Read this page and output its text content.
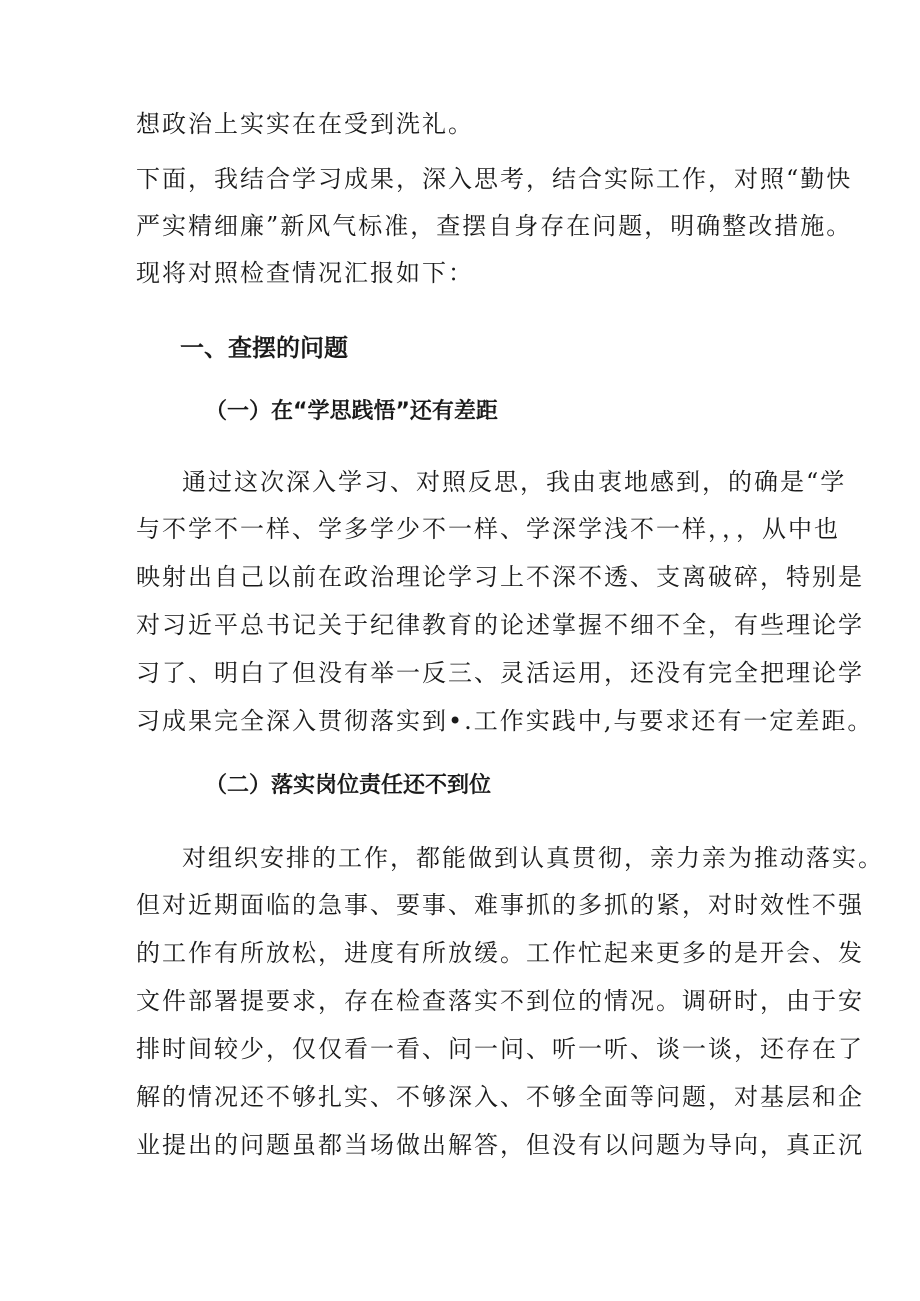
想政治上实实在在受到洗礼。
下面，我结合学习成果，深入思考，结合实际工作，对照“勤快
严实精细廉”新风气标准，查摆自身存在问题，明确整改措施。
现将对照检查情况汇报如下：
一、查摆的问题
（一）在“学思践悟”还有差距
通过这次深入学习、对照反思，我由衷地感到，的确是“学
与不学不一样、学多学少不一样、学深学浅不一样，，，从中也
映射出自己以前在政治理论学习上不深不透、支离破碎，特别是
对习近平总书记关于纪律教育的论述掌握不细不全，有些理论学
习了、明白了但没有举一反三、灵活运用，还没有完全把理论学
习成果完全深入贯彻落实到•.工作实践中,与要求还有一定差距。
（二）落实岗位责任还不到位
对组织安排的工作，都能做到认真贯彻，亲力亲为推动落实。
但对近期面临的急事、要事、难事抓的多抓的紧，对时效性不强
的工作有所放松，进度有所放缓。工作忙起来更多的是开会、发
文件部署提要求，存在检查落实不到位的情况。调研时，由于安
排时间较少，仅仅看一看、问一问、听一听、谈一谈，还存在了
解的情况还不够扎实、不够深入、不够全面等问题，对基层和企
业提出的问题虽都当场做出解答，但没有以问题为导向，真正沉
